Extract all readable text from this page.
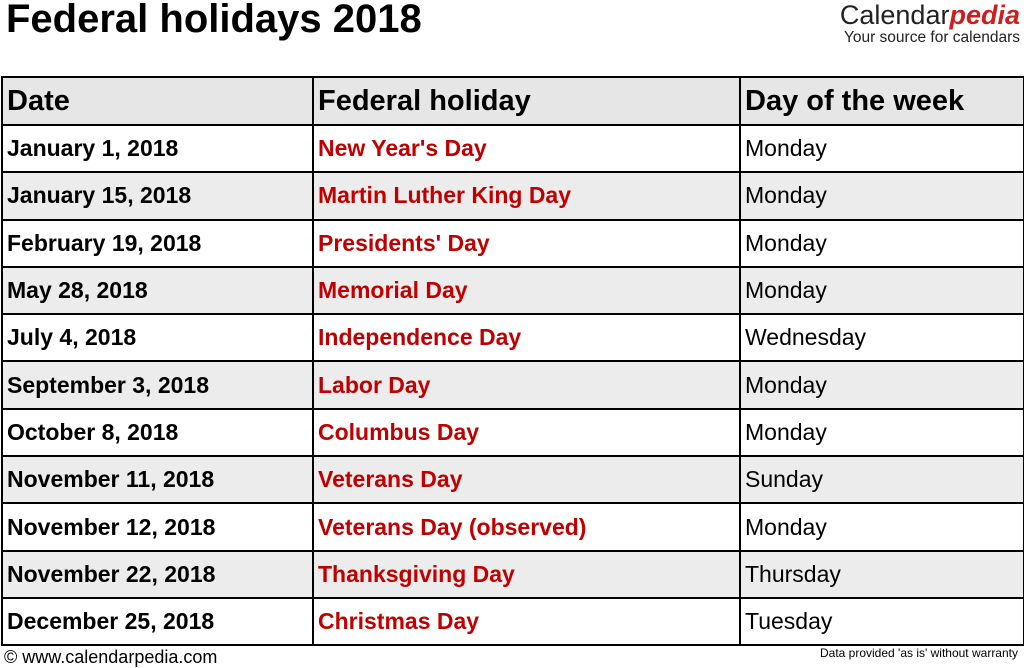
Federal holidays 2018	Calendarpedia
Your source for calendars
Date	Federal holiday	Day of the week
January 1, 2018	New Year's Day	Monday
January 15, 2018	Martin Luther King Day	Monday
February 19, 2018	Presidents' Day	Monday
May 28, 2018	Memorial Day	Monday
July 4, 2018	Independence Day	Wednesday
September 3, 2018	Labor Day	Monday
October 8, 2018	Columbus Day	Monday
November 11, 2018	Veterans Day	Sunday
November 12, 2018	Veterans Day (observed)	Monday
November 22, 2018	Thanksgiving Day	Thursday
December 25, 2018	Christmas Day	Tuesday
© www.calendarpedia.com	Data provided 'as is' without warranty
